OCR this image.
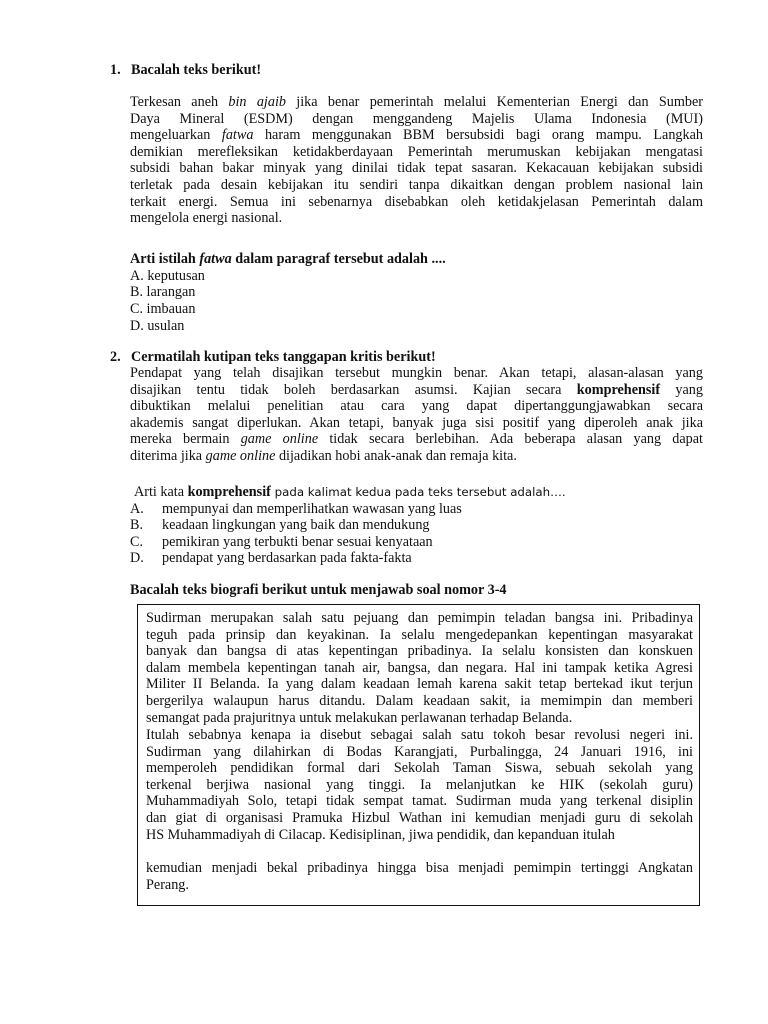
1. Bacalah teks berikut!
Terkesan aneh bin ajaib jika benar pemerintah melalui Kementerian Energi dan Sumber
Daya Mineral (ESDM) dengan menggandeng Majelis Ulama Indonesia (MUI)
mengeluarkan fatwa haram menggunakan BBM bersubsidi bagi orang mampu. Langkah
demikian merefleksikan ketidakberdayaan Pemerintah merumuskan kebijakan mengatasi
subsidi bahan bakar minyak yang dinilai tidak tepat sasaran. Kekacauan kebijakan subsidi
terletak pada desain kebijakan itu sendiri tanpa dikaitkan dengan problem nasional lain
terkait energi. Semua ini sebenarnya disebabkan oleh ketidakjelasan Pemerintah dalam
mengelola energi nasional.
Arti istilah fatwa dalam paragraf tersebut adalah ....
A. keputusan
B. larangan
C. imbauan
D. usulan
2. Cermatilah kutipan teks tanggapan kritis berikut!
Pendapat yang telah disajikan tersebut mungkin benar. Akan tetapi, alasan-alasan yang
disajikan tentu tidak boleh berdasarkan asumsi. Kajian secara komprehensif yang
dibuktikan melalui penelitian atau cara yang dapat dipertanggungjawabkan secara
akademis sangat diperlukan. Akan tetapi, banyak juga sisi positif yang diperoleh anak jika
mereka bermain game online tidak secara berlebihan. Ada beberapa alasan yang dapat
diterima jika game online dijadikan hobi anak-anak dan remaja kita.
Arti kata komprehensif pada kalimat kedua pada teks tersebut adalah….
A. mempunyai dan memperlihatkan wawasan yang luas
B. keadaan lingkungan yang baik dan mendukung
C. pemikiran yang terbukti benar sesuai kenyataan
D. pendapat yang berdasarkan pada fakta-fakta
Bacalah teks biografi berikut untuk menjawab soal nomor 3-4
Sudirman merupakan salah satu pejuang dan pemimpin teladan bangsa ini. Pribadinya
teguh pada prinsip dan keyakinan. Ia selalu mengedepankan kepentingan masyarakat
banyak dan bangsa di atas kepentingan pribadinya. Ia selalu konsisten dan konskuen
dalam membela kepentingan tanah air, bangsa, dan negara. Hal ini tampak ketika Agresi
Militer II Belanda. Ia yang dalam keadaan lemah karena sakit tetap bertekad ikut terjun
bergerilya walaupun harus ditandu. Dalam keadaan sakit, ia memimpin dan memberi
semangat pada prajuritnya untuk melakukan perlawanan terhadap Belanda.
Itulah sebabnya kenapa ia disebut sebagai salah satu tokoh besar revolusi negeri ini.
Sudirman yang dilahirkan di Bodas Karangjati, Purbalingga, 24 Januari 1916, ini
memperoleh pendidikan formal dari Sekolah Taman Siswa, sebuah sekolah yang
terkenal berjiwa nasional yang tinggi. Ia melanjutkan ke HIK (sekolah guru)
Muhammadiyah Solo, tetapi tidak sempat tamat. Sudirman muda yang terkenal disiplin
dan giat di organisasi Pramuka Hizbul Wathan ini kemudian menjadi guru di sekolah
HS Muhammadiyah di Cilacap. Kedisiplinan, jiwa pendidik, dan kepanduan itulah
kemudian menjadi bekal pribadinya hingga bisa menjadi pemimpin tertinggi Angkatan
Perang.
